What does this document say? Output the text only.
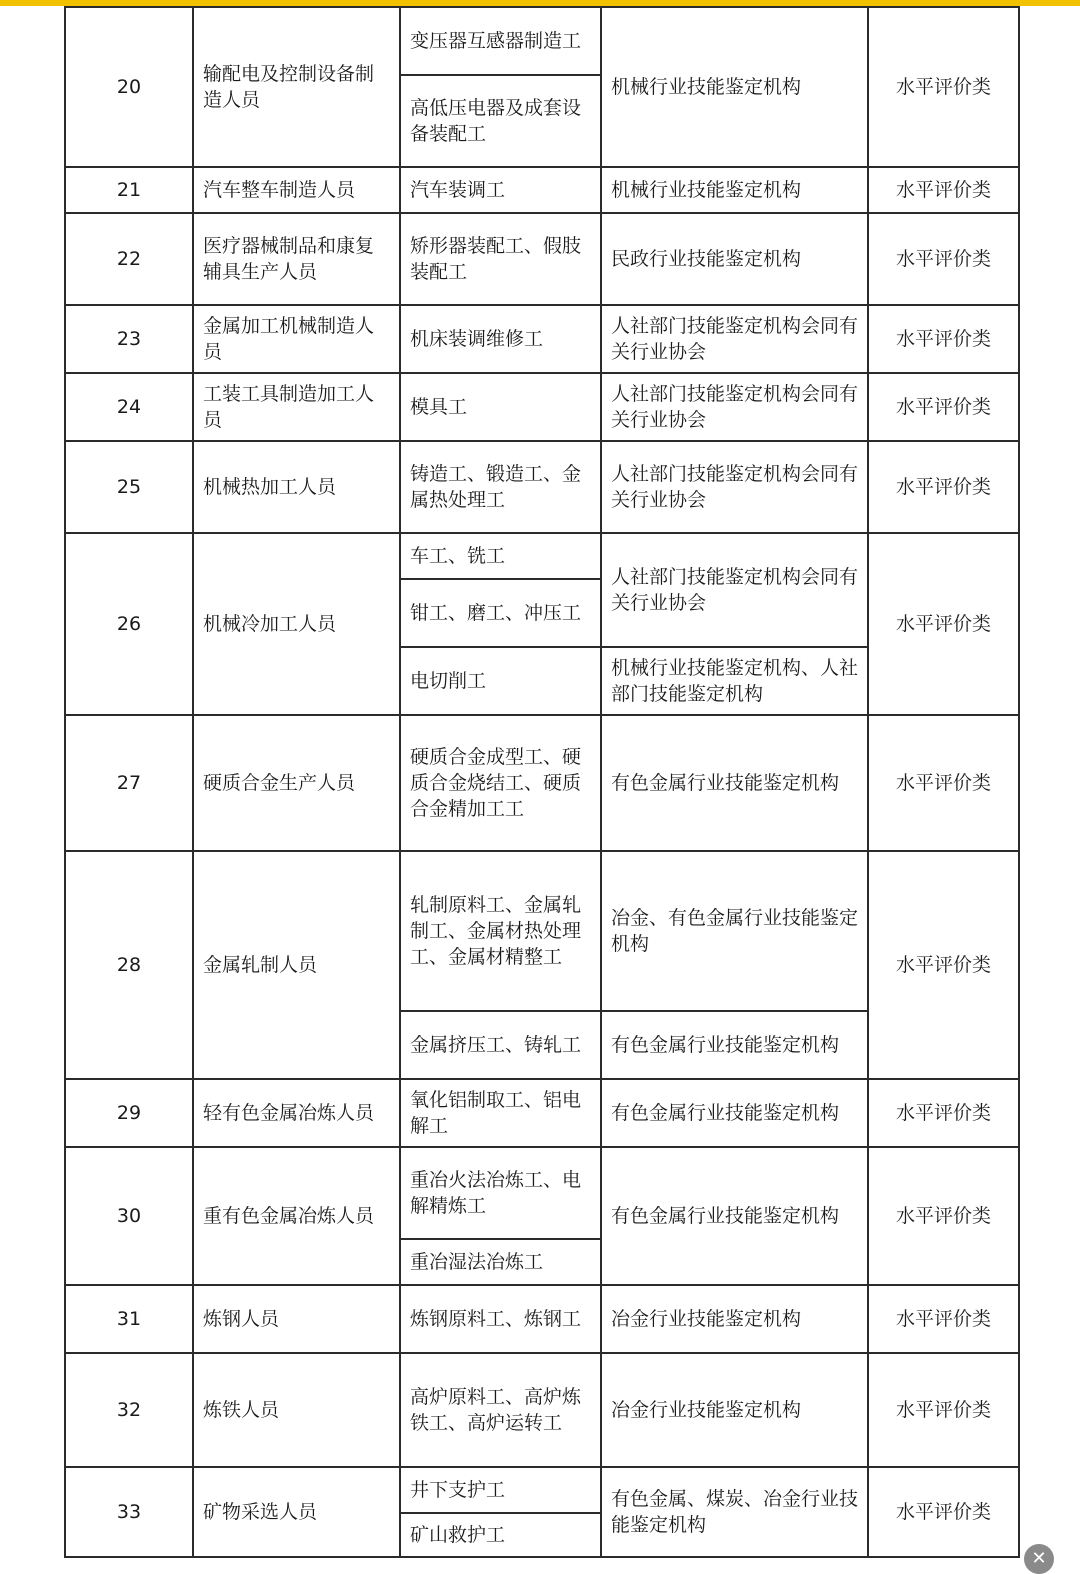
20	输配电及控制设备制造人员	变压器互感器制造工	机械行业技能鉴定机构	水平评价类
		高低压电器及成套设备装配工		
21	汽车整车制造人员	汽车装调工	机械行业技能鉴定机构	水平评价类
22	医疗器械制品和康复辅具生产人员	矫形器装配工、假肢装配工	民政行业技能鉴定机构	水平评价类
23	金属加工机械制造人员	机床装调维修工	人社部门技能鉴定机构会同有关行业协会	水平评价类
24	工装工具制造加工人员	模具工	人社部门技能鉴定机构会同有关行业协会	水平评价类
25	机械热加工人员	铸造工、锻造工、金属热处理工	人社部门技能鉴定机构会同有关行业协会	水平评价类
26	机械冷加工人员	车工、铣工	人社部门技能鉴定机构会同有关行业协会	水平评价类
		钳工、磨工、冲压工		
		电切削工	机械行业技能鉴定机构、人社部门技能鉴定机构	
27	硬质合金生产人员	硬质合金成型工、硬质合金烧结工、硬质合金精加工工	有色金属行业技能鉴定机构	水平评价类
28	金属轧制人员	轧制原料工、金属轧制工、金属材热处理工、金属材精整工	冶金、有色金属行业技能鉴定机构	水平评价类
		金属挤压工、铸轧工	有色金属行业技能鉴定机构	
29	轻有色金属冶炼人员	氧化铝制取工、铝电解工	有色金属行业技能鉴定机构	水平评价类
30	重有色金属冶炼人员	重冶火法冶炼工、电解精炼工	有色金属行业技能鉴定机构	水平评价类
		重冶湿法冶炼工		
31	炼钢人员	炼钢原料工、炼钢工	冶金行业技能鉴定机构	水平评价类
32	炼铁人员	高炉原料工、高炉炼铁工、高炉运转工	冶金行业技能鉴定机构	水平评价类
33	矿物采选人员	井下支护工	有色金属、煤炭、冶金行业技能鉴定机构	水平评价类
		矿山救护工		
✕
